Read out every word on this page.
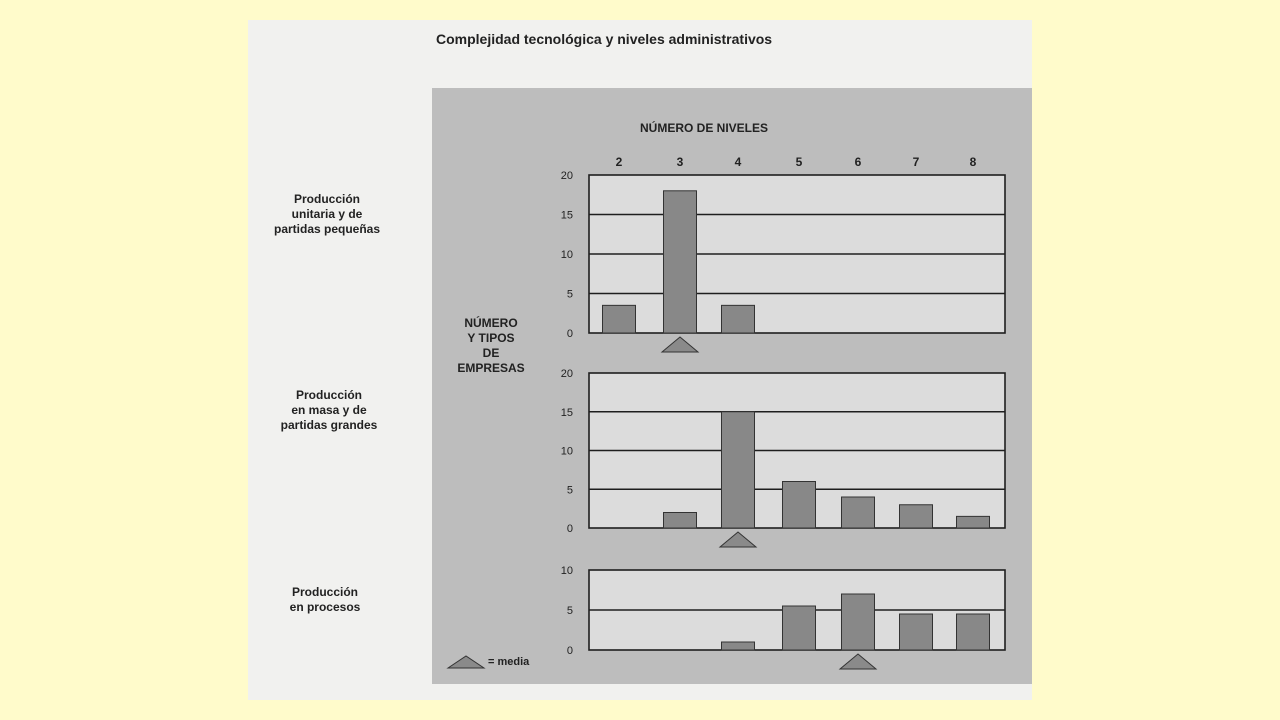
Complejidad tecnológica y niveles administrativos
NÚMERO DE NIVELES
NÚMERO
Y TIPOS
DE
EMPRESAS
Producción
unitaria y de
partidas pequeñas
Producción
en masa y de
partidas grandes
Producción
en procesos
= media
2	3	4	5	6	7	8
0
5
10
15
20
0
5
10
15
20
0
5
10
